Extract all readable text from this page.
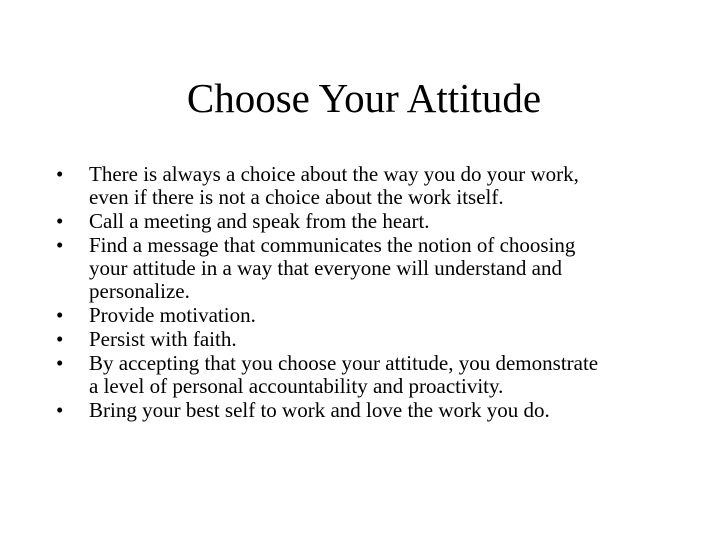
Choose Your Attitude
•	There is always a choice about the way you do your work,
even if there is not a choice about the work itself.
•	Call a meeting and speak from the heart.
•	Find a message that communicates the notion of choosing
your attitude in a way that everyone will understand and
personalize.
•	Provide motivation.
•	Persist with faith.
•	By accepting that you choose your attitude, you demonstrate
a level of personal accountability and proactivity.
•	Bring your best self to work and love the work you do.
